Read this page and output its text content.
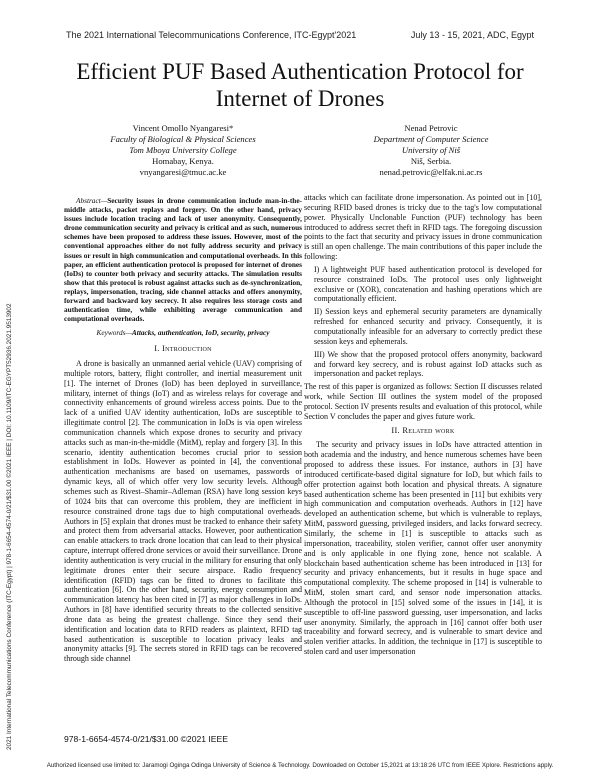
The 2021 International Telecommunications Conference, ITC-Egypt'2021	July 13 - 15, 2021, ADC, Egypt
Efficient PUF Based Authentication Protocol for Internet of Drones
Vincent Omollo Nyangaresi*
Faculty of Biological & Physical Sciences
Tom Mboya University College
Homabay, Kenya.
vnyangaresi@tmuc.ac.ke
Nenad Petrovic
Department of Computer Science
University of Niš
Niš, Serbia.
nenad.petrovic@elfak.ni.ac.rs

Abstract—Security issues in drone communication include man-in-the-middle attacks, packet replays and forgery. On the other hand, privacy issues include location tracing and lack of user anonymity. Consequently, drone communication security and privacy is critical and as such, numerous schemes have been proposed to address these issues. However, most of the conventional approaches either do not fully address security and privacy issues or result in high communication and computational overheads. In this paper, an efficient authentication protocol is proposed for internet of drones (IoDs) to counter both privacy and security attacks. The simulation results show that this protocol is robust against attacks such as de-synchronization, replays, impersonation, tracing, side channel attacks and offers anonymity, forward and backward key secrecy. It also requires less storage costs and authentication time, while exhibiting average communication and computational overheads.

Keywords—Attacks, authentication, IoD, security, privacy

I. Introduction

A drone is basically an unmanned aerial vehicle (UAV) comprising of multiple rotors, battery, flight controller, and inertial measurement unit [1]. The internet of Drones (IoD) has been deployed in surveillance, military, internet of things (IoT) and as wireless relays for coverage and connectivity enhancements of ground wireless access points. Due to the lack of a unified UAV identity authentication, IoDs are susceptible to illegitimate control [2]. The communication in IoDs is via open wireless communication channels which expose drones to security and privacy attacks such as man-in-the-middle (MitM), replay and forgery [3]. In this scenario, identity authentication becomes crucial prior to session establishment in IoDs. However as pointed in [4], the conventional authentication mechanisms are based on usernames, passwords or dynamic keys, all of which offer very low security levels. Although schemes such as Rivest–Shamir–Adleman (RSA) have long session keys of 1024 bits that can overcome this problem, they are inefficient in resource constrained drone tags due to high computational overheads. Authors in [5] explain that drones must be tracked to enhance their safety and protect them from adversarial attacks. However, poor authentication can enable attackers to track drone location that can lead to their physical capture, interrupt offered drone services or avoid their surveillance. Drone identity authentication is very crucial in the military for ensuring that only legitimate drones enter their secure airspace. Radio frequency identification (RFID) tags can be fitted to drones to facilitate this authentication [6]. On the other hand, security, energy consumption and communication latency has been cited in [7] as major challenges in IoDs. Authors in [8] have identified security threats to the collected sensitive drone data as being the greatest challenge. Since they send their identification and location data to RFID readers as plaintext, RFID tag based authentication is susceptible to location privacy leaks and anonymity attacks [9]. The secrets stored in RFID tags can be recovered through side channel

attacks which can facilitate drone impersonation. As pointed out in [10], securing RFID based drones is tricky due to the tag's low computational power. Physically Unclonable Function (PUF) technology has been introduced to address secret theft in RFID tags. The foregoing discussion points to the fact that security and privacy issues in drone communication is still an open challenge. The main contributions of this paper include the following:

I) A lightweight PUF based authentication protocol is developed for resource constrained IoDs. The protocol uses only lightweight exclusive or (XOR), concatenation and hashing operations which are computationally efficient.

II) Session keys and ephemeral security parameters are dynamically refreshed for enhanced security and privacy. Consequently, it is computationally infeasible for an adversary to correctly predict these session keys and ephemerals.

III) We show that the proposed protocol offers anonymity, backward and forward key secrecy, and is robust against IoD attacks such as impersonation and packet replays.

The rest of this paper is organized as follows: Section II discusses related work, while Section III outlines the system model of the proposed protocol. Section IV presents results and evaluation of this protocol, while Section V concludes the paper and gives future work.

II. Related work

The security and privacy issues in IoDs have attracted attention in both academia and the industry, and hence numerous schemes have been proposed to address these issues. For instance, authors in [3] have introduced certificate-based digital signature for IoD, but which fails to offer protection against both location and physical threats. A signature based authentication scheme has been presented in [11] but exhibits very high communication and computation overheads. Authors in [12] have developed an authentication scheme, but which is vulnerable to replays, MitM, password guessing, privileged insiders, and lacks forward secrecy. Similarly, the scheme in [1] is susceptible to attacks such as impersonation, traceability, stolen verifier, cannot offer user anonymity and is only applicable in one flying zone, hence not scalable. A blockchain based authentication scheme has been introduced in [13] for security and privacy enhancements, but it results in huge space and computational complexity. The scheme proposed in [14] is vulnerable to MitM, stolen smart card, and sensor node impersonation attacks. Although the protocol in [15] solved some of the issues in [14], it is susceptible to off-line password guessing, user impersonation, and lacks user anonymity. Similarly, the approach in [16] cannot offer both user traceability and forward secrecy, and is vulnerable to smart device and stolen verifier attacks. In addition, the technique in [17] is susceptible to stolen card and user impersonation

978-1-6654-4574-0/21/$31.00 ©2021 IEEE
Authorized licensed use limited to: Jaramogi Oginga Odinga University of Science & Technology. Downloaded on October 15,2021 at 13:18:26 UTC from IEEE Xplore. Restrictions apply.
2021 International Telecommunications Conference (ITC-Egypt) | 978-1-6654-4574-0/21/$31.00 ©2021 IEEE | DOI: 10.1109/ITC-EGYPT52936.2021.9513902
